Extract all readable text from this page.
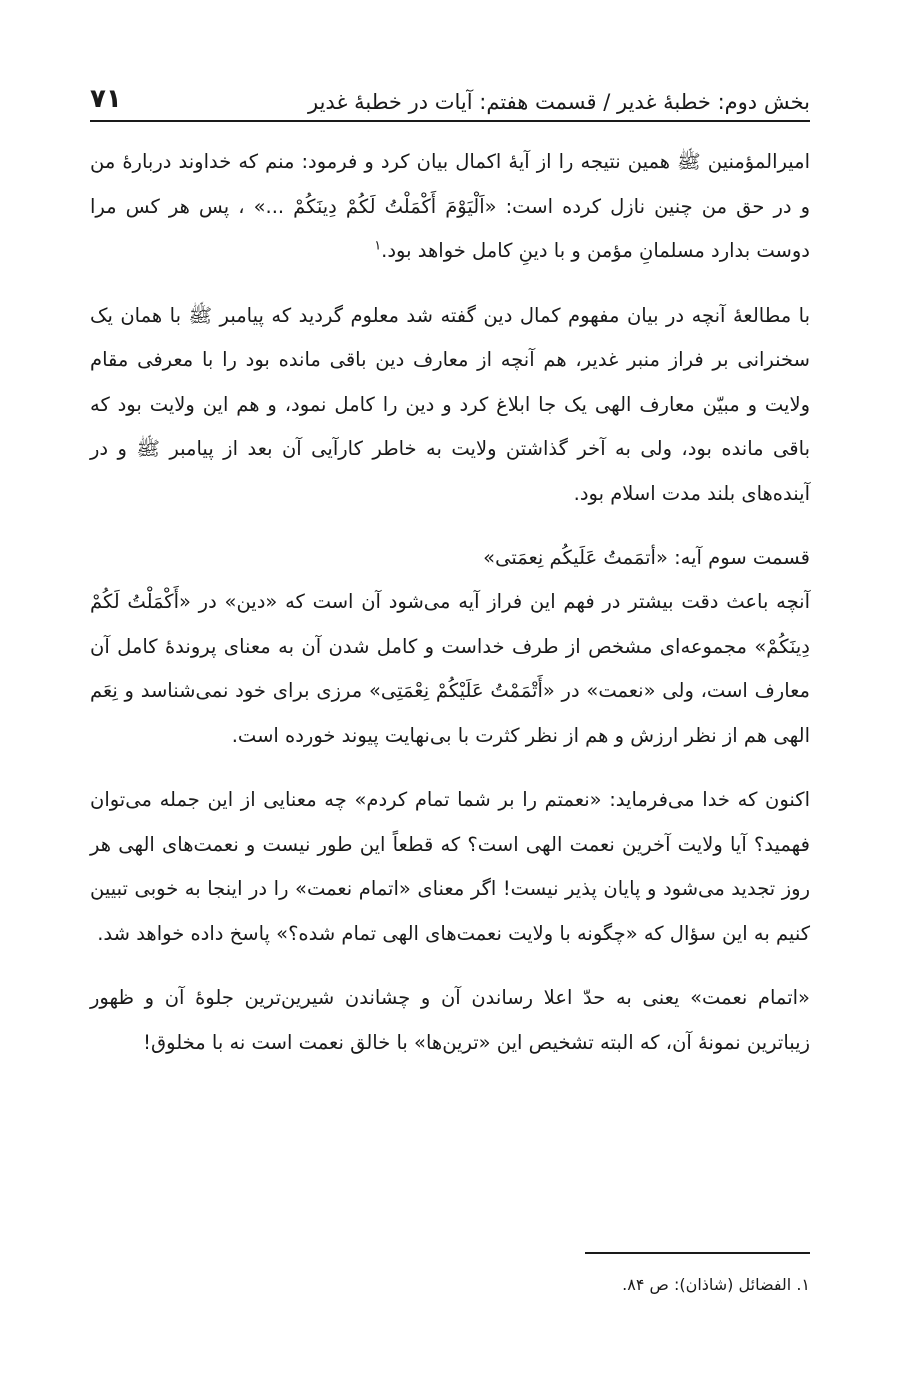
بخش دوم: خطبهٔ غدیر / قسمت هفتم: آیات در خطبهٔ غدیر
۷۱

امیرالمؤمنین ﷺ همین نتیجه را از آیهٔ اکمال بیان کرد و فرمود: منم که خداوند دربارهٔ من و در حق من چنین نازل کرده است: «اَلْیَوْمَ أَکْمَلْتُ لَکُمْ دِینَکُمْ ...» ، پس هر کس مرا دوست بدارد مسلمانِ مؤمن و با دینِ کامل خواهد بود.$^۱$

با مطالعهٔ آنچه در بیان مفهوم کمال دین گفته شد معلوم گردید که پیامبر ﷺ با همان یک سخنرانی بر فراز منبر غدیر، هم آنچه از معارف دین باقی مانده بود را با معرفی مقام ولایت و مبیّن معارف الهی یک جا ابلاغ کرد و دین را کامل نمود، و هم این ولایت بود که باقی مانده بود، ولی به آخر گذاشتن ولایت به خاطر کارآیی آن بعد از پیامبر ﷺ و در آینده‌های بلند مدت اسلام بود.

قسمت سوم آیه: «أتمَمتُ عَلَیکُم نِعمَتی»

آنچه باعث دقت بیشتر در فهم این فراز آیه می‌شود آن است که «دین» در «أَکْمَلْتُ لَکُمْ دِینَکُمْ» مجموعه‌ای مشخص از طرف خداست و کامل شدن آن به معنای پروندهٔ کامل آن معارف است، ولی «نعمت» در «أَتْمَمْتُ عَلَیْکُمْ نِعْمَتِی» مرزی برای خود نمی‌شناسد و نِعَم الهی هم از نظر ارزش و هم از نظر کثرت با بی‌نهایت پیوند خورده است.

اکنون که خدا می‌فرماید: «نعمتم را بر شما تمام کردم» چه معنایی از این جمله می‌توان فهمید؟ آیا ولایت آخرین نعمت الهی است؟ که قطعاً این طور نیست و نعمت‌های الهی هر روز تجدید می‌شود و پایان پذیر نیست! اگر معنای «اتمام نعمت» را در اینجا به خوبی تبیین کنیم به این سؤال که «چگونه با ولایت نعمت‌های الهی تمام شده؟» پاسخ داده خواهد شد.

«اتمام نعمت» یعنی به حدّ اعلا رساندن آن و چشاندن شیرین‌ترین جلوهٔ آن و ظهور زیباترین نمونهٔ آن، که البته تشخیص این «ترین‌ها» با خالق نعمت است نه با مخلوق!

۱. الفضائل (شاذان): ص ۸۴.
